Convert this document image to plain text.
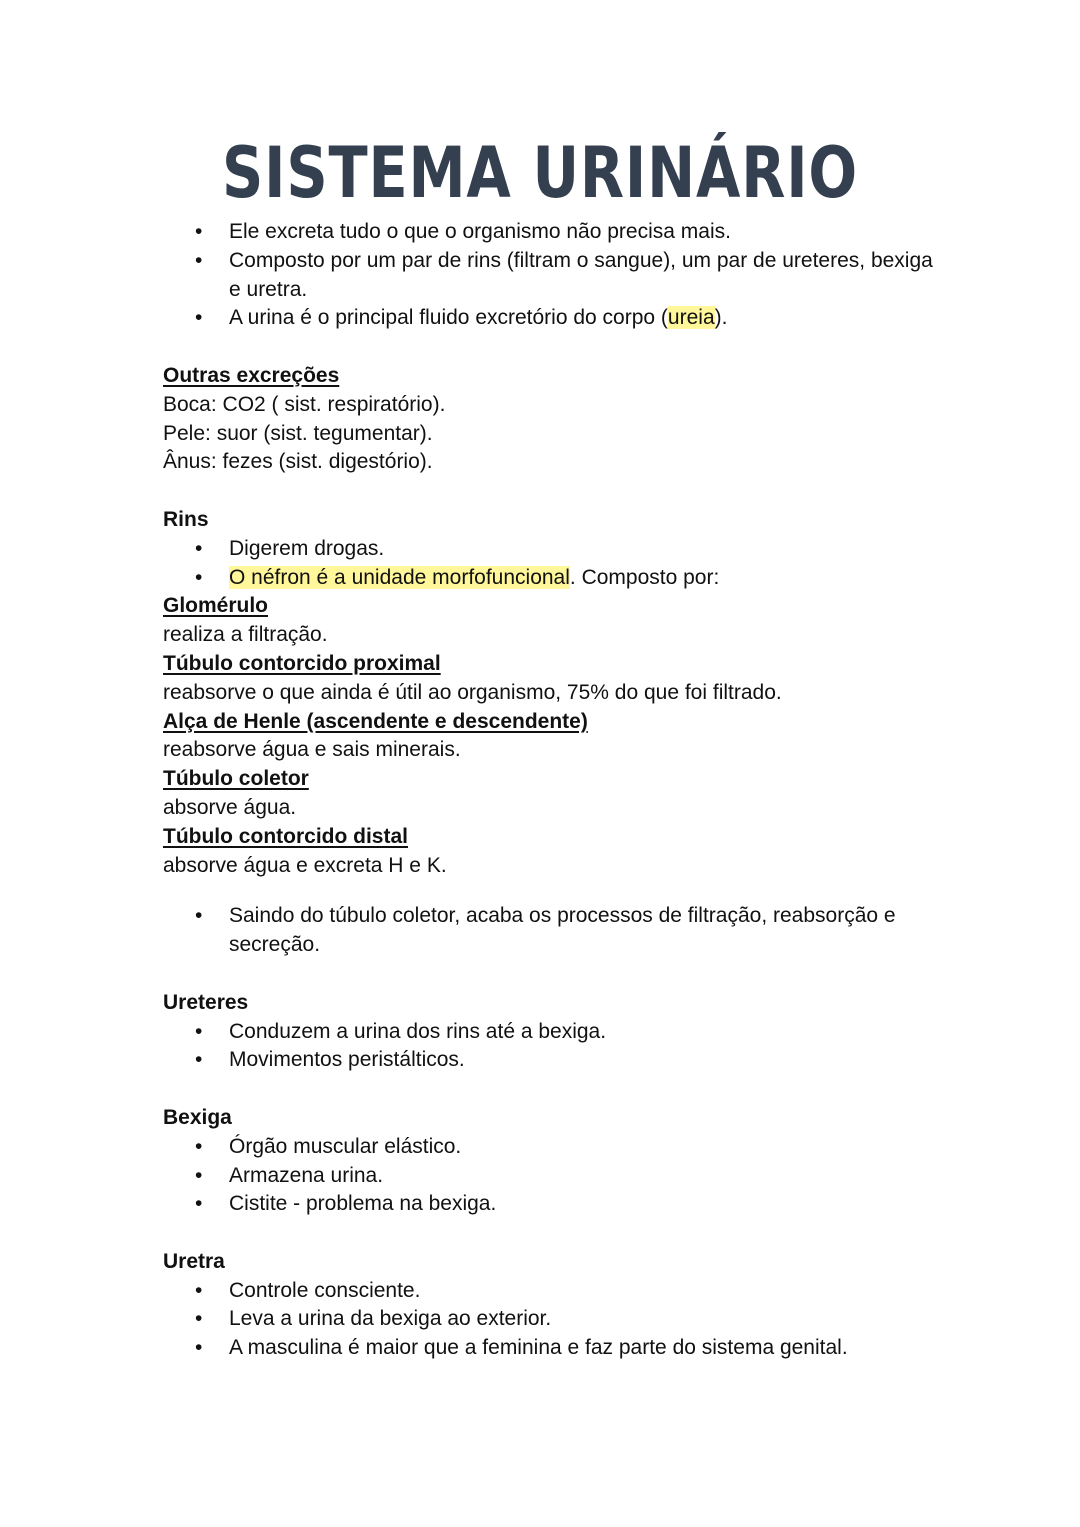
SISTEMA URINÁRIO
• Ele excreta tudo o que o organismo não precisa mais.
• Composto por um par de rins (filtram o sangue), um par de ureteres, bexiga e uretra.
• A urina é o principal fluido excretório do corpo (ureia).
Outras excreções
Boca: CO2 ( sist. respiratório).
Pele: suor (sist. tegumentar).
Ânus: fezes (sist. digestório).
Rins
• Digerem drogas.
• O néfron é a unidade morfofuncional. Composto por:
Glomérulo
realiza a filtração.
Túbulo contorcido proximal
reabsorve o que ainda é útil ao organismo, 75% do que foi filtrado.
Alça de Henle (ascendente e descendente)
reabsorve água e sais minerais.
Túbulo coletor
absorve água.
Túbulo contorcido distal
absorve água e excreta H e K.
• Saindo do túbulo coletor, acaba os processos de filtração, reabsorção e secreção.
Ureteres
• Conduzem a urina dos rins até a bexiga.
• Movimentos peristálticos.
Bexiga
• Órgão muscular elástico.
• Armazena urina.
• Cistite - problema na bexiga.
Uretra
• Controle consciente.
• Leva a urina da bexiga ao exterior.
• A masculina é maior que a feminina e faz parte do sistema genital.
